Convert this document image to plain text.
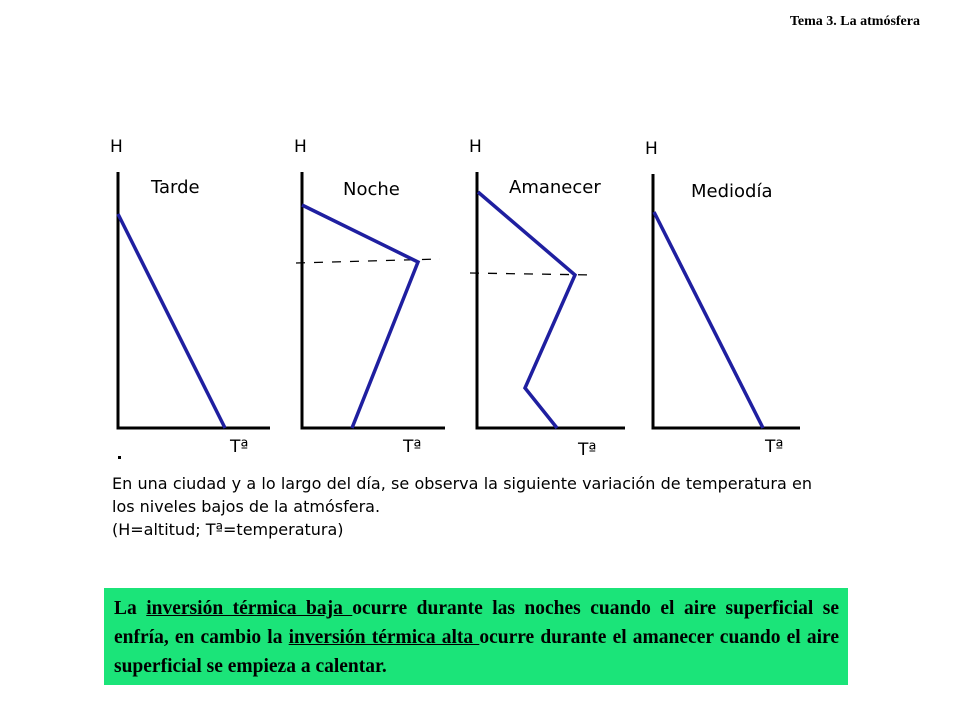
Tema 3. La atmósfera
H
Tarde
Tª
H
Noche
Tª
H
Amanecer
Tª
H
Mediodía
Tª

En una ciudad y a lo largo del día, se observa la siguiente variación de temperatura en los niveles bajos de la atmósfera.

(H=altitud; Tª=temperatura)

La inversión térmica baja ocurre durante las noches cuando el aire superficial se enfría, en cambio la inversión térmica alta ocurre durante el amanecer cuando el aire superficial se empieza a calentar.
